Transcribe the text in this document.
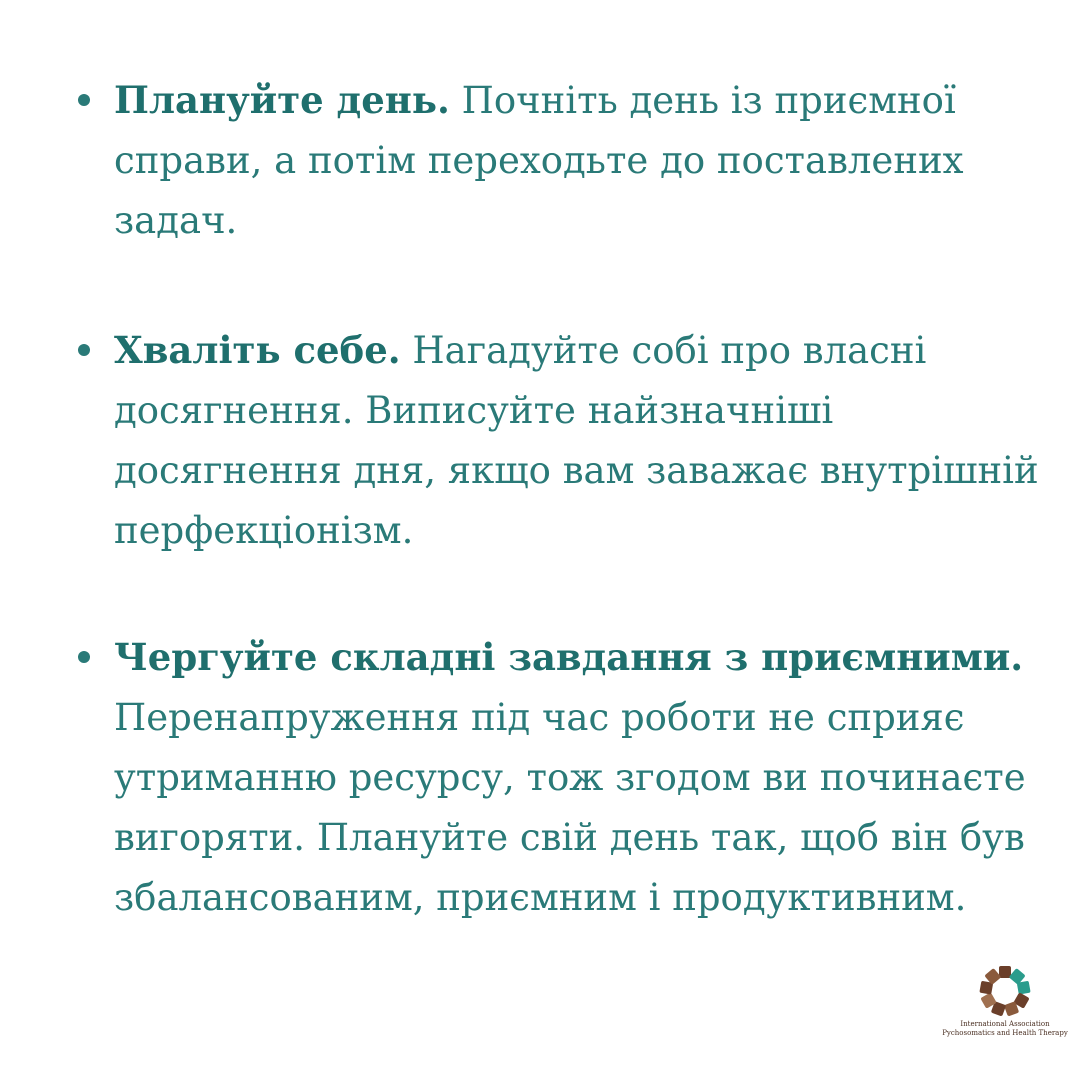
Плануйте день. Почніть день із приємної справи, а потім переходьте до поставлених задач.
Хваліть себе. Нагадуйте собі про власні досягнення. Виписуйте найзначніші досягнення дня, якщо вам заважає внутрішній перфекціонізм.
Чергуйте складні завдання з приємними. Перенапруження під час роботи не сприяє утриманню ресурсу, тож згодом ви починаєте вигоряти. Плануйте свій день так, щоб він був збалансованим, приємним і продуктивним.
International Association
Pychosomatics and Health Therapy
